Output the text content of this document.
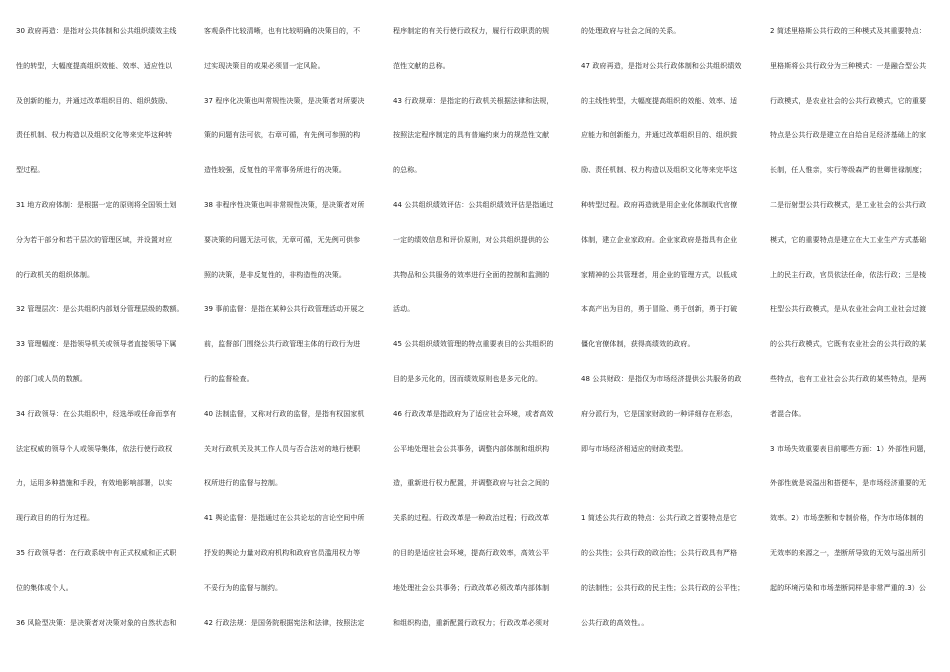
30 政府再造：是指对公共体制和公共组织绩效主线
性的转型，大幅度提高组织效能、效率、适应性以
及创新的能力，并通过改革组织目的、组织鼓励、
责任机制、权力构造以及组织文化等来完毕这种转
型过程。
31 地方政府体制：是根据一定的原则将全国领土划
分为若干部分和若干层次的管理区域，并设置对应
的行政机关的组织体制。
32 管理层次：是公共组织内部划分管理层级的数额。
33 管理幅度：是指领导机关或领导者直接领导下属
的部门或人员的数额。
34 行政领导：在公共组织中，经选举或任命而享有
法定权威的领导个人或领导集体，依法行使行政权
力，运用多种措施和手段，有效地影响部署，以实
现行政目的的行为过程。
35 行政领导者：在行政系统中有正式权威和正式职
位的集体或个人。
36 风险型决策：是决策者对决策对象的自然状态和
客观条件比较清晰，也有比较明确的决策目的，不
过实现决策目的或果必须冒一定风险。
37 程序化决策也叫常规性决策，是决策者对所要决
策的问题有法可依，右章可循，有先例可参照的构
造性较强，反复性的平常事务所进行的决策。
38 非程序性决策也叫非常规性决策，是决策者对所
要决策的问题无法可依，无章可循，无先例可供参
照的决策，是非反复性的，非构造性的决策。
39 事前监督：是指在某种公共行政管理活动开展之
前，监督部门围绕公共行政管理主体的行政行为进
行的监督检查。
40 法制监督，又称对行政的监督，是指有权国家机
关对行政机关及其工作人员与否合法对的地行使职
权所进行的监督与控制。
41 舆论监督：是指通过在公共论坛的言论空间中所
抒发的舆论力量对政府机构和政府官员滥用权力等
不妥行为的监督与制约。
42 行政法规：是国务院根据宪法和法律，按照法定
程序制定的有关行使行政权力，履行行政职责的规
范性文献的总称。
43 行政规章：是指定的行政机关根据法律和法规，
按照法定程序制定的具有普遍约束力的规范性文献
的总称。
44 公共组织绩效评估：公共组织绩效评估是指通过
一定的绩效信息和评价原则，对公共组织提供的公
共物品和公共服务的效率进行全面的控制和监测的
活动。
45 公共组织绩效管理的特点重要表目的公共组织的
目的是多元化的，因而绩效原则也是多元化的。
46 行政改革是指政府为了适应社会环境，或者高效
公平地处理社会公共事务，调整内部体制和组织构
造，重新进行权力配置，并调整政府与社会之间的
关系的过程。行政改革是一种政治过程；行政改革
的目的是适应社会环境，提高行政效率，高效公平
地处理社会公共事务；行政改革必须改革内部体制
和组织构造，重新配置行政权力；行政改革必须对
的处理政府与社会之间的关系。
47 政府再造，是指对公共行政体制和公共组织绩效
的主线性转型，大幅度提高组织的效能、效率、适
应能力和创新能力，并通过改革组织目的、组织鼓
励、责任机制、权力构造以及组织文化等来完毕这
种转型过程。政府再造就是用企业化体制取代官僚
体制，建立企业家政府。企业家政府是指具有企业
家精神的公共管理者，用企业的管理方式，以低成
本高产出为目的，勇于冒险、勇于创新，勇于打破
僵化官僚体制，获得高绩效的政府。
48 公共财政：是指仅为市场经济提供公共服务的政
府分派行为，它是国家财政的一种详细存在形态，
即与市场经济相适应的财政类型。
1 简述公共行政的特点：公共行政之首要特点是它
的公共性；公共行政的政治性；公共行政具有严格
的法制性；公共行政的民主性；公共行政的公平性；
公共行政的高效性。。
2 简述里格斯公共行政的三种模式及其重要特点：
里格斯将公共行政分为三种模式：一是融合型公共
行政模式，是农业社会的公共行政模式，它的重要
特点是公共行政是建立在自给自足经济基础上的家
长制，任人惟亲，实行等级森严的世卿世禄制度；
二是衍射型公共行政模式，是工业社会的公共行政
模式，它的重要特点是建立在大工业生产方式基础
上的民主行政，官员依法任命，依法行政；三是棱
柱型公共行政模式，是从农业社会向工业社会过渡
的公共行政模式，它既有农业社会的公共行政的某
些特点，也有工业社会公共行政的某些特点，是两
者混合体。
3 市场失效重要表目前哪些方面：1）外部性问题，
外部性就是说溢出和搭便车，是市场经济重要的无
效率。2）市场垄断和专制价格，作为市场体制的
无效率的来源之一，垄断所导致的无效与溢出所引
起的环境污染和市场垄断同样是非常严重的.3）公
